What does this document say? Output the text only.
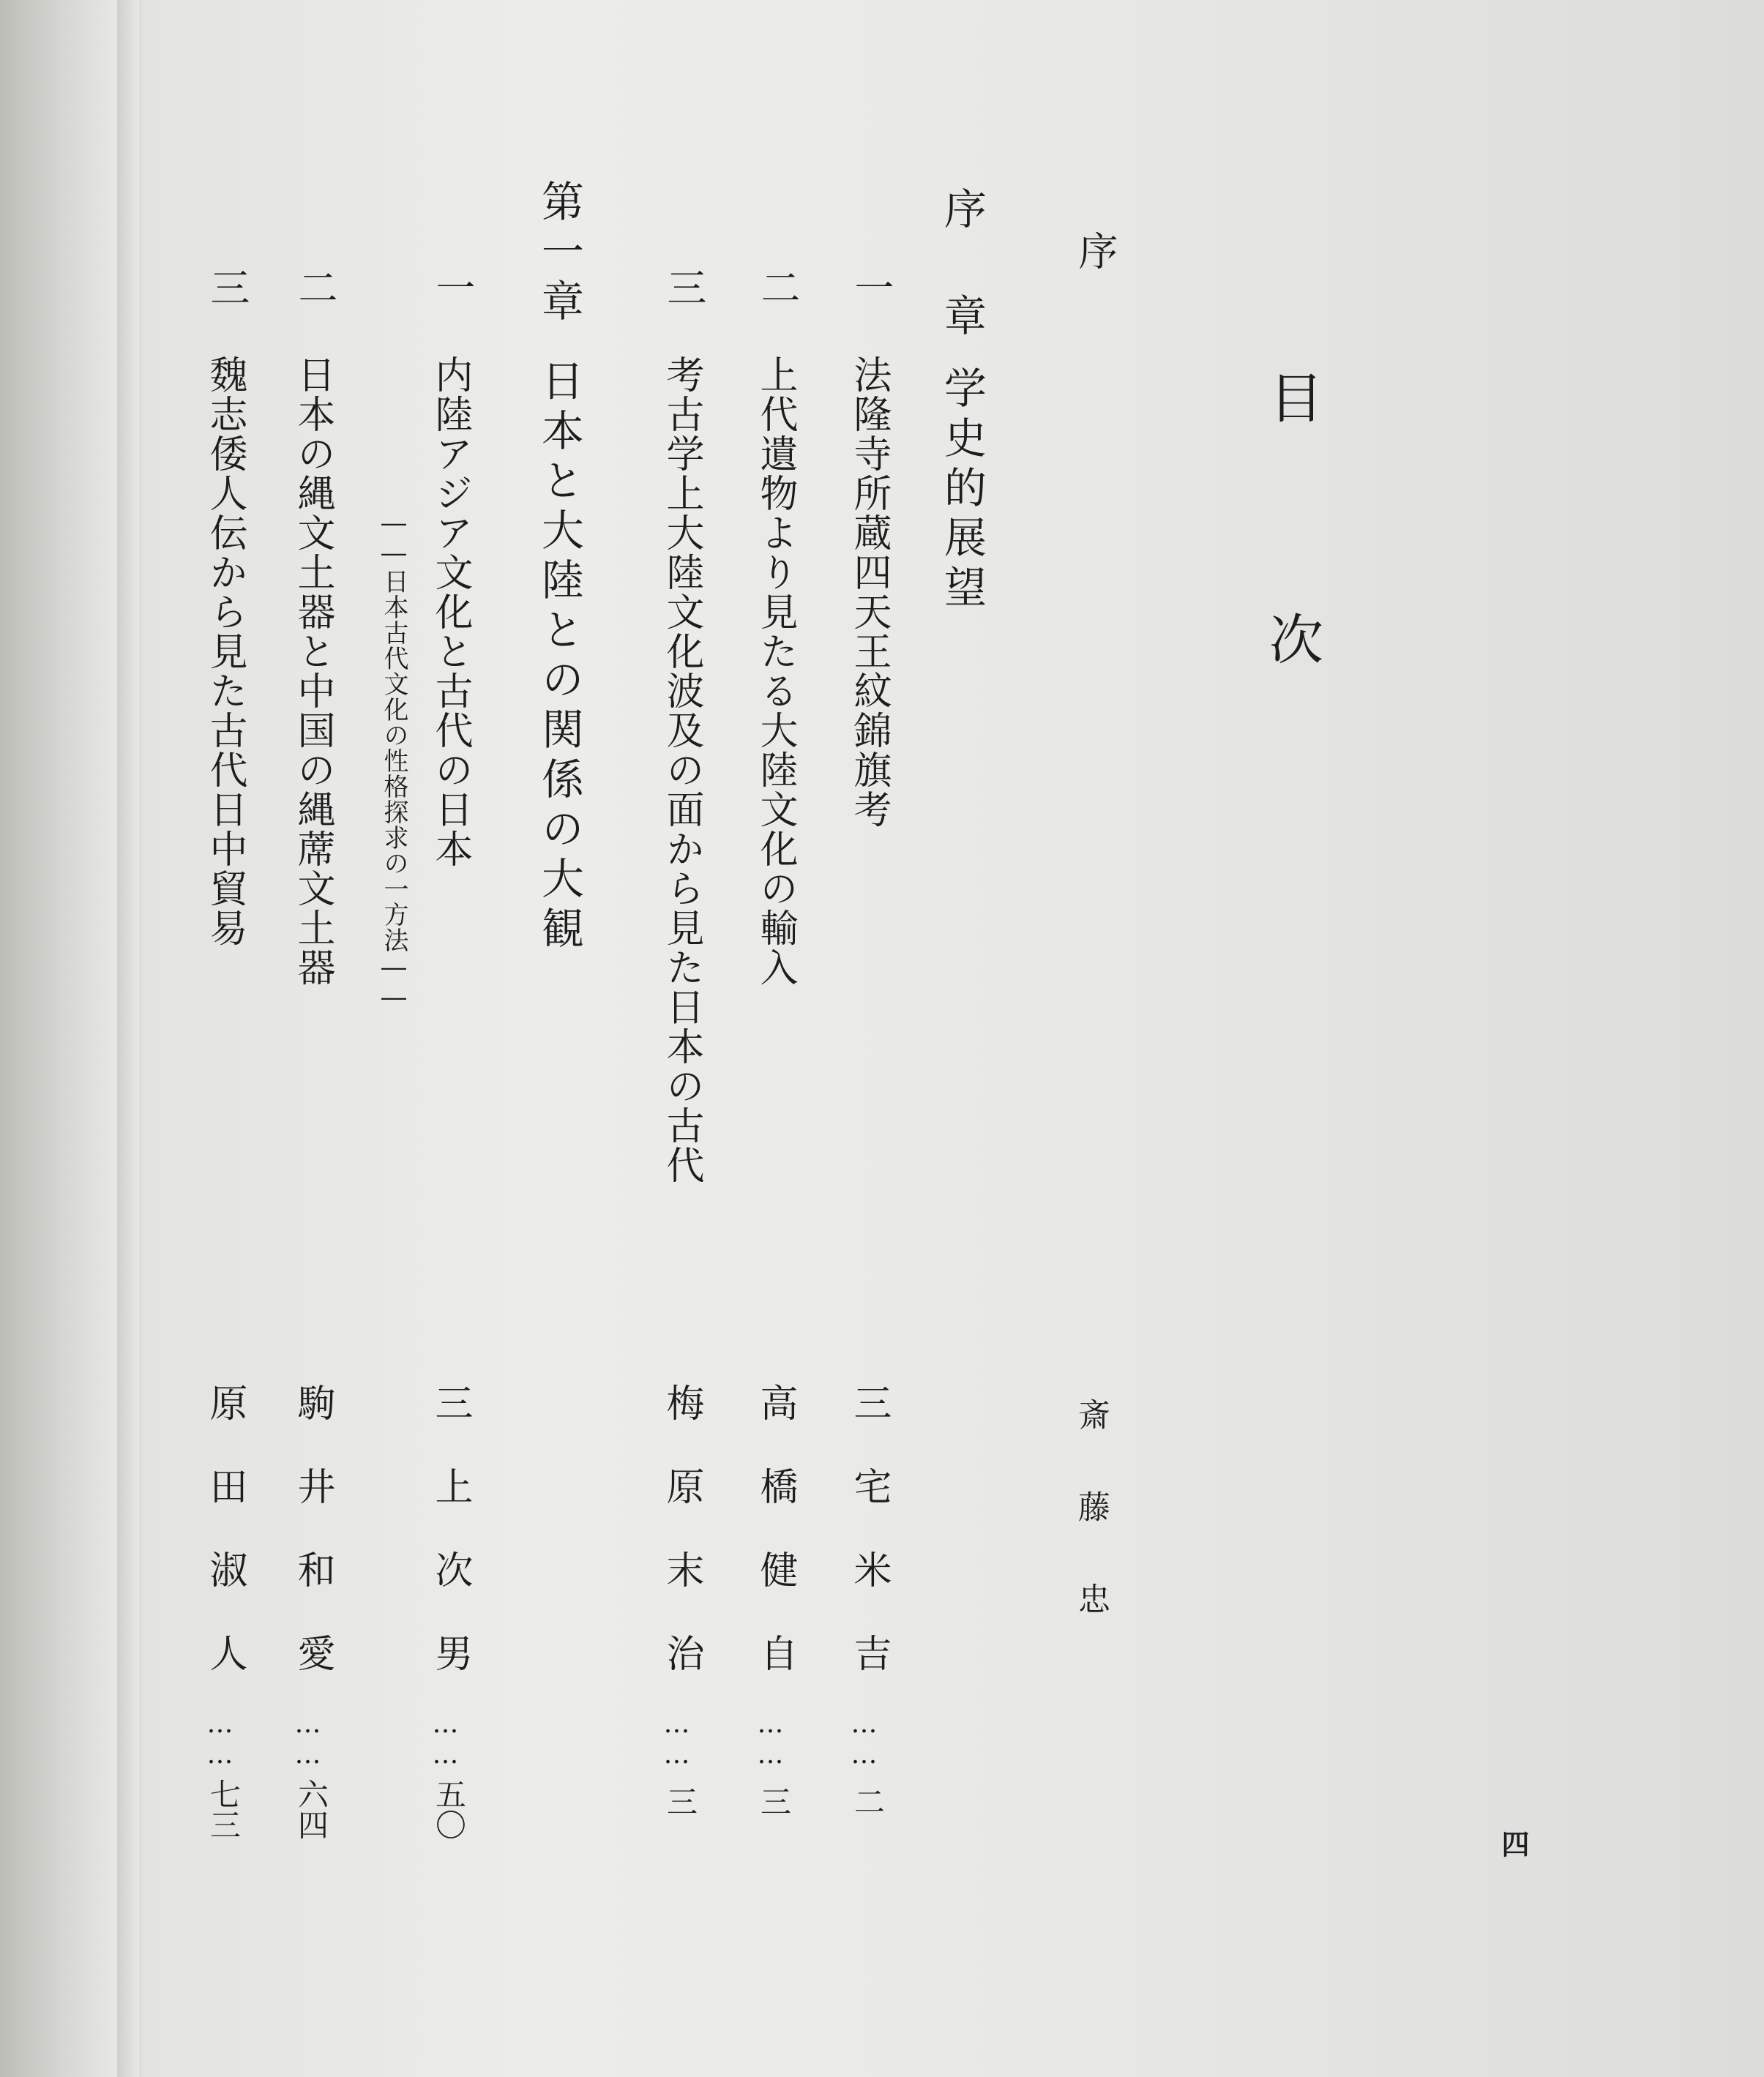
目
次
序
斎藤忠
序 章
学史的展望
一
法隆寺所蔵四天王紋錦旗考
三宅米吉
……
二
二
上代遺物より見たる大陸文化の輸入
高橋健自
……
三
三
考古学上大陸文化波及の面から見た日本の古代
梅原末治
……
三
第一章
日本と大陸との関係の大観
一
内陸アジア文化と古代の日本
――日本古代文化の性格探求の一方法――
三上次男
……
五〇
二
日本の縄文土器と中国の縄蓆文土器
駒井和愛
……
六四
三
魏志倭人伝から見た古代日中貿易
原田淑人
……
七三
四
